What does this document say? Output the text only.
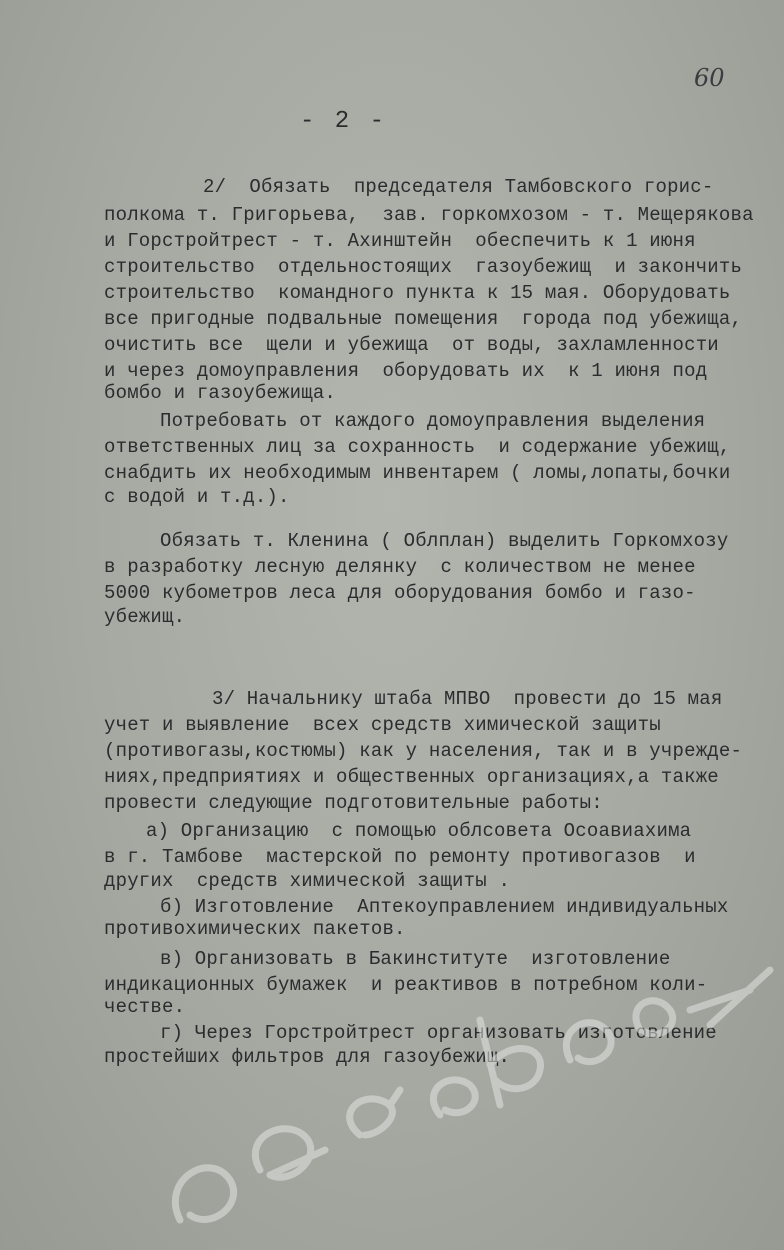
60
- 2 -
2/  Обязать  председателя Тамбовского горис-
полкома т. Григорьева,  зав. горкомхозом - т. Мещерякова
и Горстройтрест - т. Ахинштейн  обеспечить к 1 июня
строительство  отдельностоящих  газоубежищ  и закончить
строительство  командного пункта к 15 мая. Оборудовать
все пригодные подвальные помещения  города под убежища,
очистить все  щели и убежища  от воды, захламленности
и через домоуправления  оборудовать их  к 1 июня под
бомбо и газоубежища.
Потребовать от каждого домоуправления выделения
ответственных лиц за сохранность  и содержание убежищ,
снабдить их необходимым инвентарем ( ломы,лопаты,бочки
с водой и т.д.).
Обязать т. Кленина ( Облплан) выделить Горкомхозу
в разработку лесную делянку  с количеством не менее
5000 кубометров леса для оборудования бомбо и газо-
убежищ.
3/ Начальнику штаба МПВО  провести до 15 мая
учет и выявление  всех средств химической защиты
(противогазы,костюмы) как у населения, так и в учрежде-
ниях,предприятиях и общественных организациях,а также
провести следующие подготовительные работы:
а) Организацию  с помощью облсовета Осоавиахима
в г. Тамбове  мастерской по ремонту противогазов  и
других  средств химической защиты .
б) Изготовление  Аптекоуправлением индивидуальных
противохимических пакетов.
в) Организовать в Бакинституте  изготовление
индикационных бумажек  и реактивов в потребном коли-
честве.
г) Через Горстройтрест организовать изготовление
простейших фильтров для газоубежищ.
